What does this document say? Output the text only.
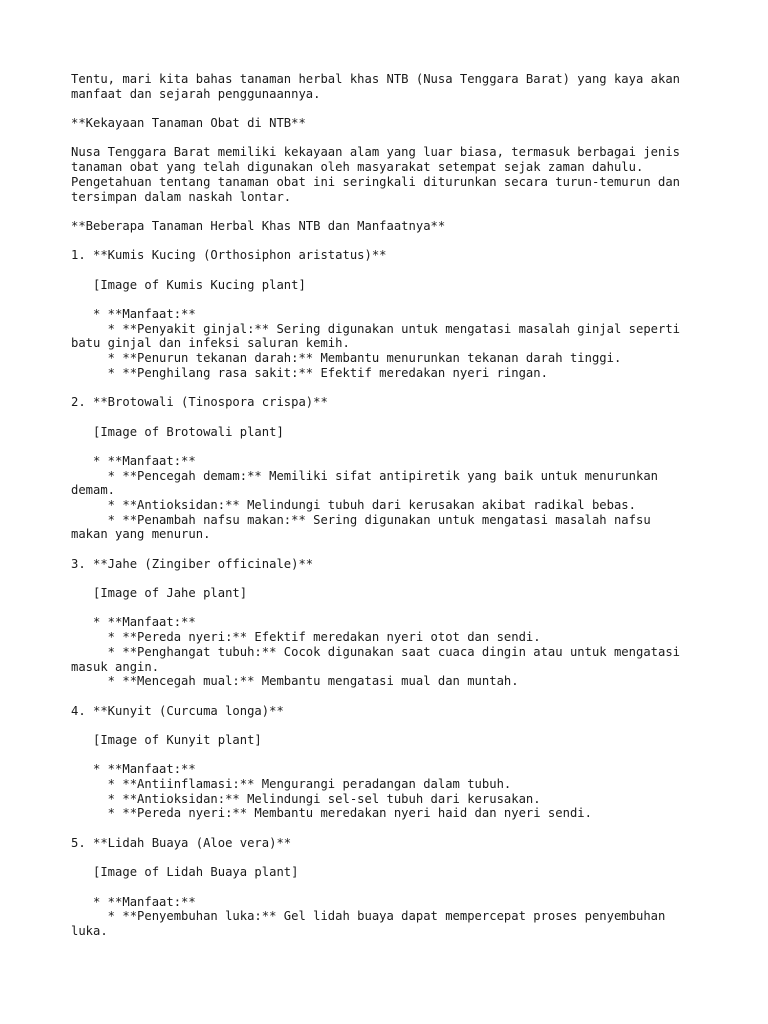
Tentu, mari kita bahas tanaman herbal khas NTB (Nusa Tenggara Barat) yang kaya akan
manfaat dan sejarah penggunaannya.

**Kekayaan Tanaman Obat di NTB**

Nusa Tenggara Barat memiliki kekayaan alam yang luar biasa, termasuk berbagai jenis
tanaman obat yang telah digunakan oleh masyarakat setempat sejak zaman dahulu.
Pengetahuan tentang tanaman obat ini seringkali diturunkan secara turun-temurun dan
tersimpan dalam naskah lontar.

**Beberapa Tanaman Herbal Khas NTB dan Manfaatnya**

1. **Kumis Kucing (Orthosiphon aristatus)**

[Image of Kumis Kucing plant]

* **Manfaat:**
* **Penyakit ginjal:** Sering digunakan untuk mengatasi masalah ginjal seperti
batu ginjal dan infeksi saluran kemih.
* **Penurun tekanan darah:** Membantu menurunkan tekanan darah tinggi.
* **Penghilang rasa sakit:** Efektif meredakan nyeri ringan.

2. **Brotowali (Tinospora crispa)**

[Image of Brotowali plant]

* **Manfaat:**
* **Pencegah demam:** Memiliki sifat antipiretik yang baik untuk menurunkan
demam.
* **Antioksidan:** Melindungi tubuh dari kerusakan akibat radikal bebas.
* **Penambah nafsu makan:** Sering digunakan untuk mengatasi masalah nafsu
makan yang menurun.

3. **Jahe (Zingiber officinale)**

[Image of Jahe plant]

* **Manfaat:**
* **Pereda nyeri:** Efektif meredakan nyeri otot dan sendi.
* **Penghangat tubuh:** Cocok digunakan saat cuaca dingin atau untuk mengatasi
masuk angin.
* **Mencegah mual:** Membantu mengatasi mual dan muntah.

4. **Kunyit (Curcuma longa)**

[Image of Kunyit plant]

* **Manfaat:**
* **Antiinflamasi:** Mengurangi peradangan dalam tubuh.
* **Antioksidan:** Melindungi sel-sel tubuh dari kerusakan.
* **Pereda nyeri:** Membantu meredakan nyeri haid dan nyeri sendi.

5. **Lidah Buaya (Aloe vera)**

[Image of Lidah Buaya plant]

* **Manfaat:**
* **Penyembuhan luka:** Gel lidah buaya dapat mempercepat proses penyembuhan
luka.
